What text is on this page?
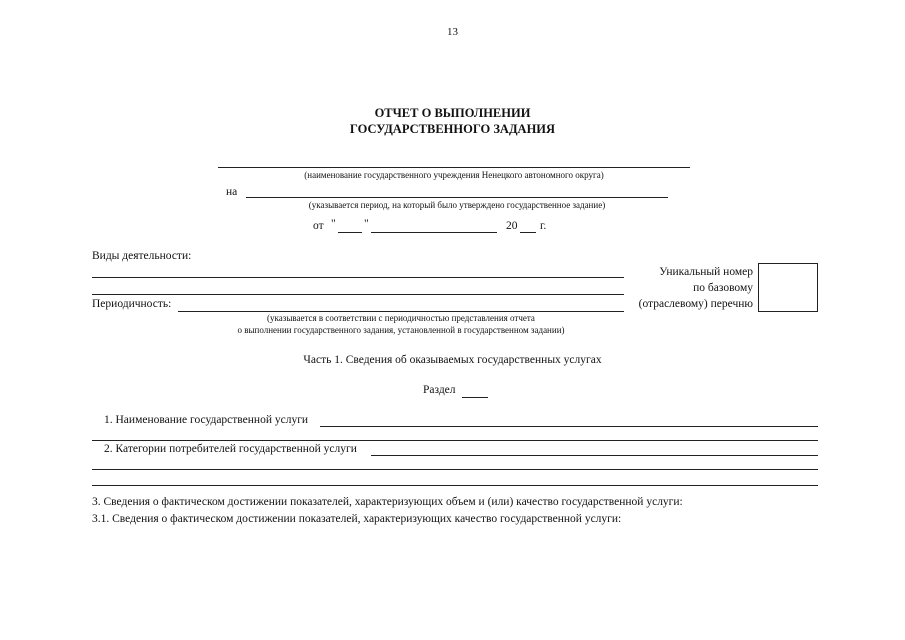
13
ОТЧЕТ О ВЫПОЛНЕНИИ
ГОСУДАРСТВЕННОГО ЗАДАНИЯ
(наименование государственного учреждения Ненецкого автономного округа)
на
(указывается период, на который было утверждено государственное задание)
от " "	20 г.
Виды деятельности:
Уникальный номер
по базовому
(отраслевому) перечню
Периодичность:
(указывается в соответствии с периодичностью представления отчета
о выполнении государственного задания, установленной в государственном задании)
Часть 1. Сведения об оказываемых государственных услугах
Раздел
1. Наименование государственной услуги
2. Категории потребителей государственной услуги
3. Сведения о фактическом достижении показателей, характеризующих объем и (или) качество государственной услуги:
3.1. Сведения о фактическом достижении показателей, характеризующих качество государственной услуги:
